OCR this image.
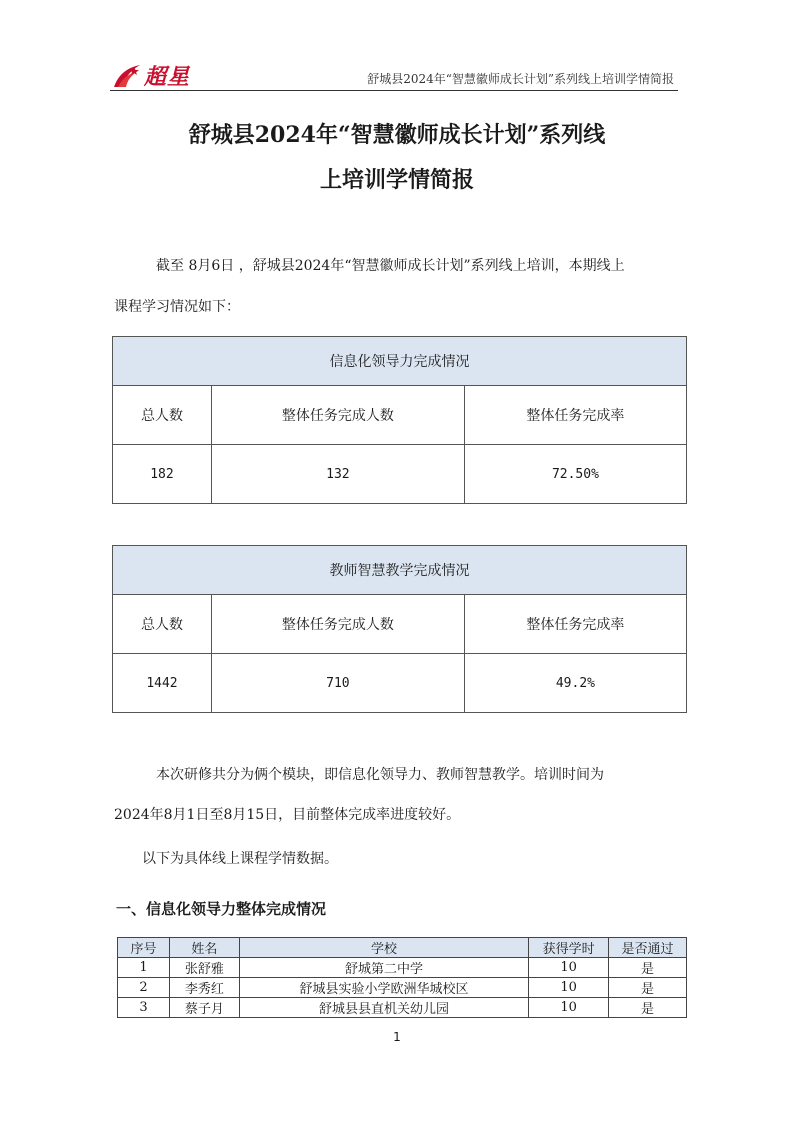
超星	舒城县2024年“智慧徽师成长计划”系列线上培训学情简报
舒城县2024年“智慧徽师成长计划”系列线
上培训学情简报
截至 8月6日 ，舒城县2024年“智慧徽师成长计划”系列线上培训，本期线上
课程学习情况如下：
信息化领导力完成情况		
总人数	整体任务完成人数	整体任务完成率
182	132	72.50%
教师智慧教学完成情况		
总人数	整体任务完成人数	整体任务完成率
1442	710	49.2%
本次研修共分为俩个模块，即信息化领导力、教师智慧教学。培训时间为
2024年8月1日至8月15日，目前整体完成率进度较好。
以下为具体线上课程学情数据。
一、信息化领导力整体完成情况
序号	姓名	学校	获得学时	是否通过
1	张舒雅	舒城第二中学	10	是
2	李秀红	舒城县实验小学欧洲华城校区	10	是
3	蔡子月	舒城县县直机关幼儿园	10	是
1
